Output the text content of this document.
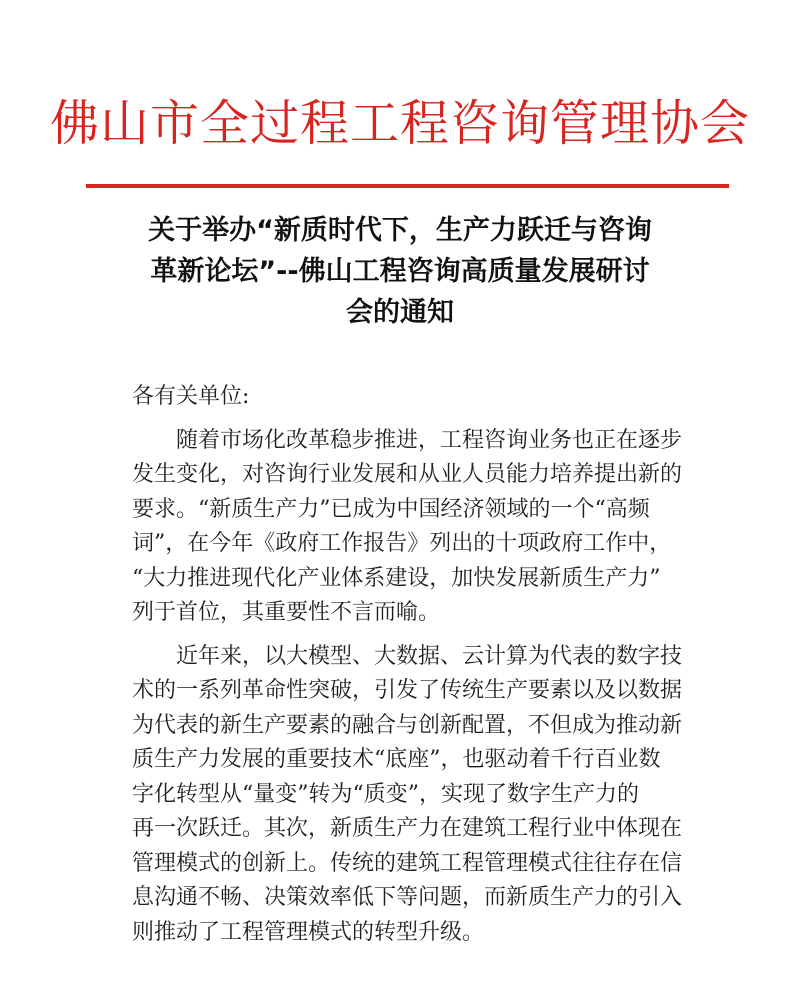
佛山市全过程工程咨询管理协会
关于举办“新质时代下，生产力跃迁与咨询
革新论坛”--佛山工程咨询高质量发展研讨
会的通知
各有关单位:
随着市场化改革稳步推进，工程咨询业务也正在逐步
发生变化，对咨询行业发展和从业人员能力培养提出新的
要求。“新质生产力”已成为中国经济领域的一个“高频
词”，在今年《政府工作报告》列出的十项政府工作中，
“大力推进现代化产业体系建设，加快发展新质生产力”
列于首位，其重要性不言而喻。
近年来，以大模型、大数据、云计算为代表的数字技
术的一系列革命性突破，引发了传统生产要素以及以数据
为代表的新生产要素的融合与创新配置，不但成为推动新
质生产力发展的重要技术“底座”，也驱动着千行百业数
字化转型从“量变”转为“质变”，实现了数字生产力的
再一次跃迁。其次，新质生产力在建筑工程行业中体现在
管理模式的创新上。传统的建筑工程管理模式往往存在信
息沟通不畅、决策效率低下等问题，而新质生产力的引入
则推动了工程管理模式的转型升级。
